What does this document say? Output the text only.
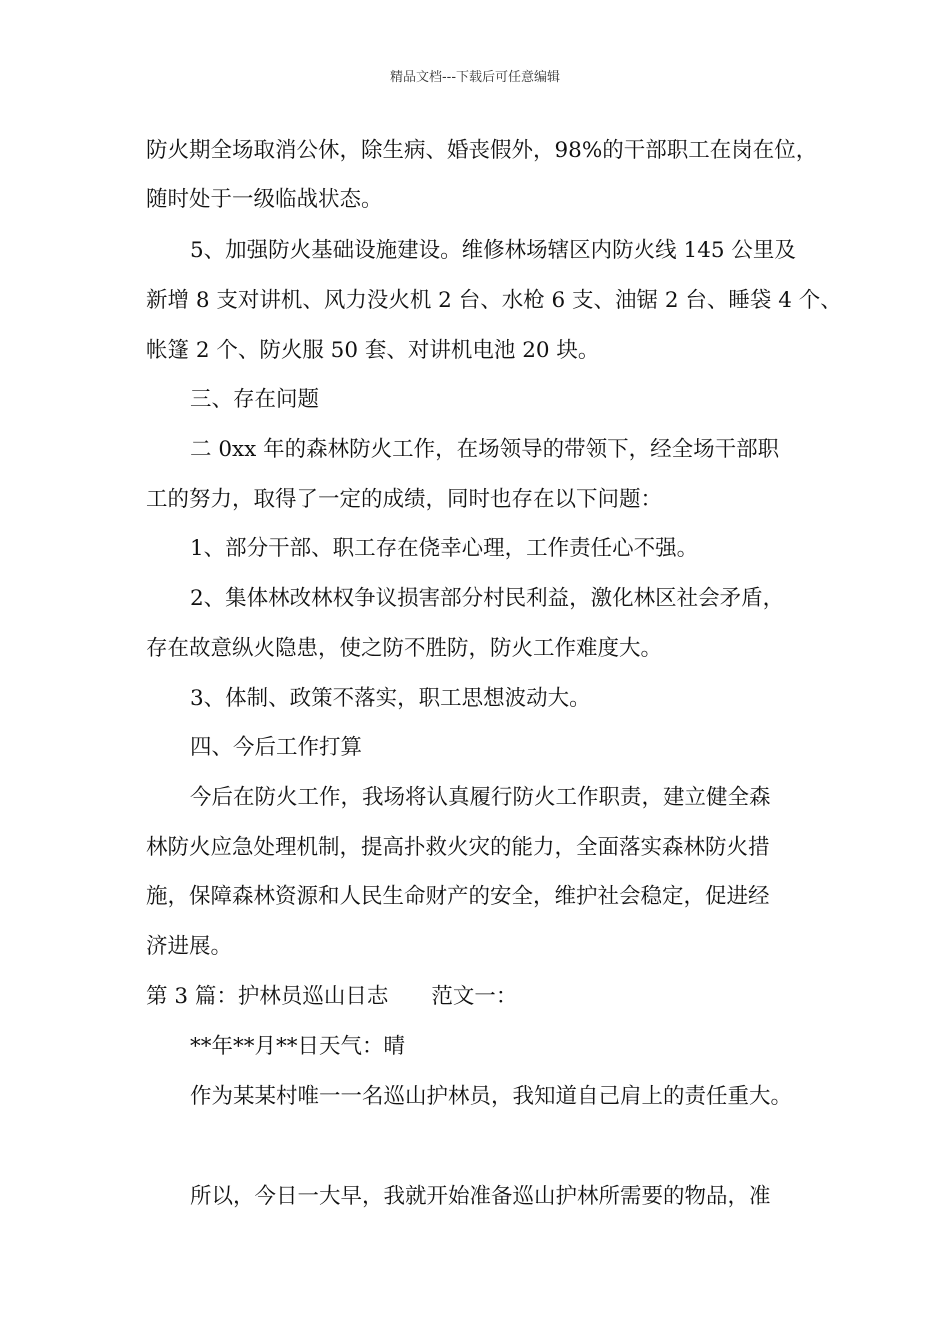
精品文档---下载后可任意编辑
防火期全场取消公休，除生病、婚丧假外，98%的干部职工在岗在位，
随时处于一级临战状态。
5、加强防火基础设施建设。维修林场辖区内防火线 145 公里及
新增 8 支对讲机、风力没火机 2 台、水枪 6 支、油锯 2 台、睡袋 4 个、
帐篷 2 个、防火服 50 套、对讲机电池 20 块。
三、存在问题
二 0xx 年的森林防火工作，在场领导的带领下，经全场干部职
工的努力，取得了一定的成绩，同时也存在以下问题：
1、部分干部、职工存在侥幸心理，工作责任心不强。
2、集体林改林权争议损害部分村民利益，激化林区社会矛盾，
存在故意纵火隐患，使之防不胜防，防火工作难度大。
3、体制、政策不落实，职工思想波动大。
四、今后工作打算
今后在防火工作，我场将认真履行防火工作职责，建立健全森
林防火应急处理机制，提高扑救火灾的能力，全面落实森林防火措
施，保障森林资源和人民生命财产的安全，维护社会稳定，促进经
济进展。
第 3 篇：护林员巡山日志　　范文一：
**年**月**日天气：晴
作为某某村唯一一名巡山护林员，我知道自己肩上的责任重大。
所以，今日一大早，我就开始准备巡山护林所需要的物品，准
